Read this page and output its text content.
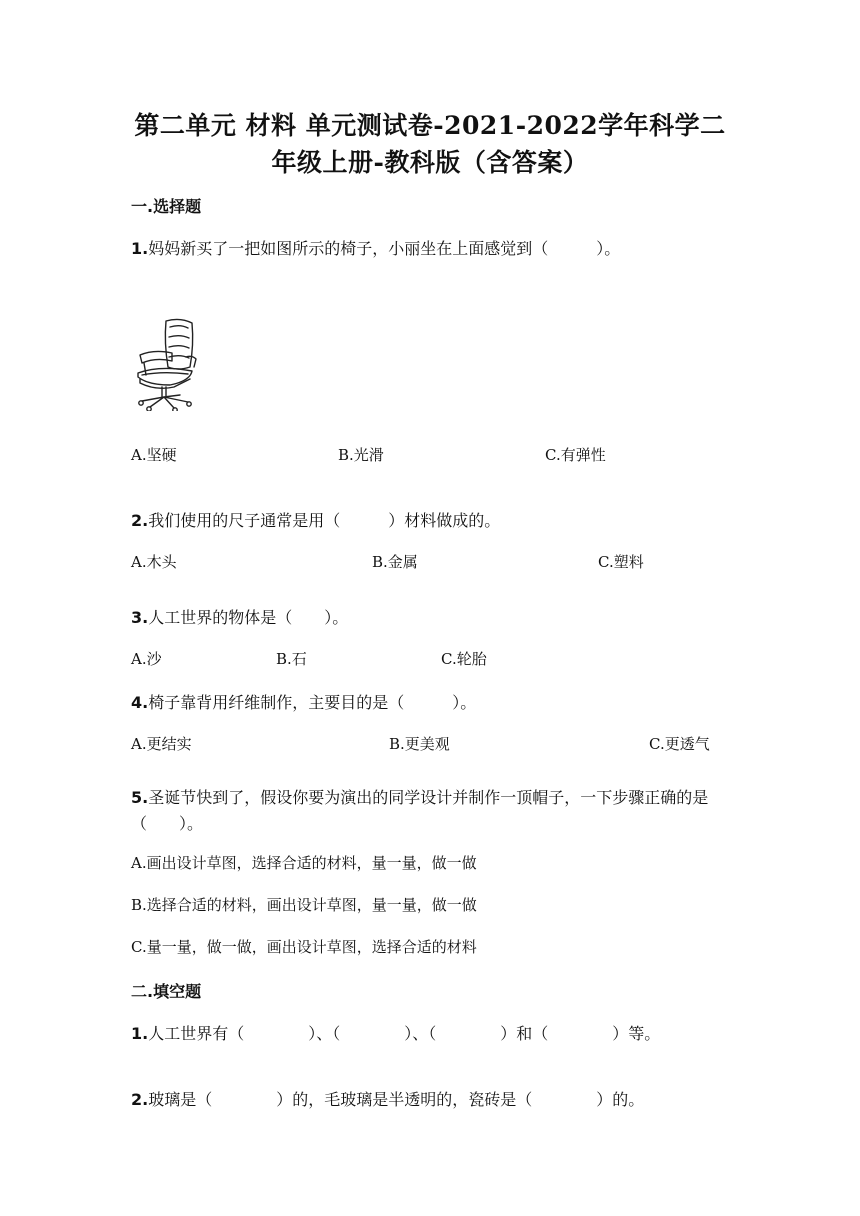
第二单元 材料 单元测试卷-2021-2022学年科学二
年级上册-教科版（含答案）
一.选择题
1.妈妈新买了一把如图所示的椅子，小丽坐在上面感觉到（　　　）。
A.坚硬	B.光滑	C.有弹性
2.我们使用的尺子通常是用（　　　）材料做成的。
A.木头	B.金属	C.塑料
3.人工世界的物体是（　　）。
A.沙	B.石	C.轮胎
4.椅子靠背用纤维制作，主要目的是（　　　）。
A.更结实	B.更美观	C.更透气
5.圣诞节快到了，假设你要为演出的同学设计并制作一顶帽子，一下步骤正确的是（　　）。
A.画出设计草图，选择合适的材料，量一量，做一做
B.选择合适的材料，画出设计草图，量一量，做一做
C.量一量，做一做，画出设计草图，选择合适的材料
二.填空题
1.人工世界有（　　　　）、（　　　　）、（　　　　）和（　　　　）等。
2.玻璃是（　　　　）的，毛玻璃是半透明的，瓷砖是（　　　　）的。
